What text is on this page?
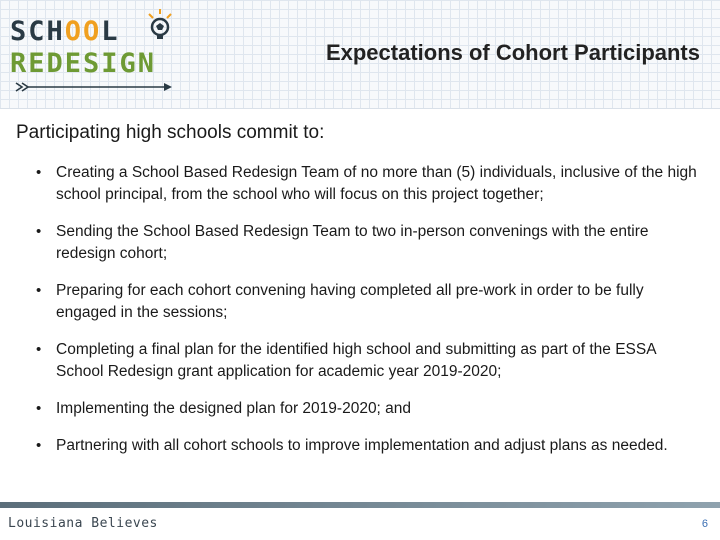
SCHOOL
REDESIGN	Expectations of Cohort Participants
Participating high schools commit to:
• Creating a School Based Redesign Team of no more than (5) individuals, inclusive of the high school principal, from the school who will focus on this project together;
• Sending the School Based Redesign Team to two in-person convenings with the entire redesign cohort;
• Preparing for each cohort convening having completed all pre-work in order to be fully engaged in the sessions;
• Completing a final plan for the identified high school and submitting as part of the ESSA School Redesign grant application for academic year 2019-2020;
• Implementing the designed plan for 2019-2020; and
• Partnering with all cohort schools to improve implementation and adjust plans as needed.
Louisiana Believes	6
